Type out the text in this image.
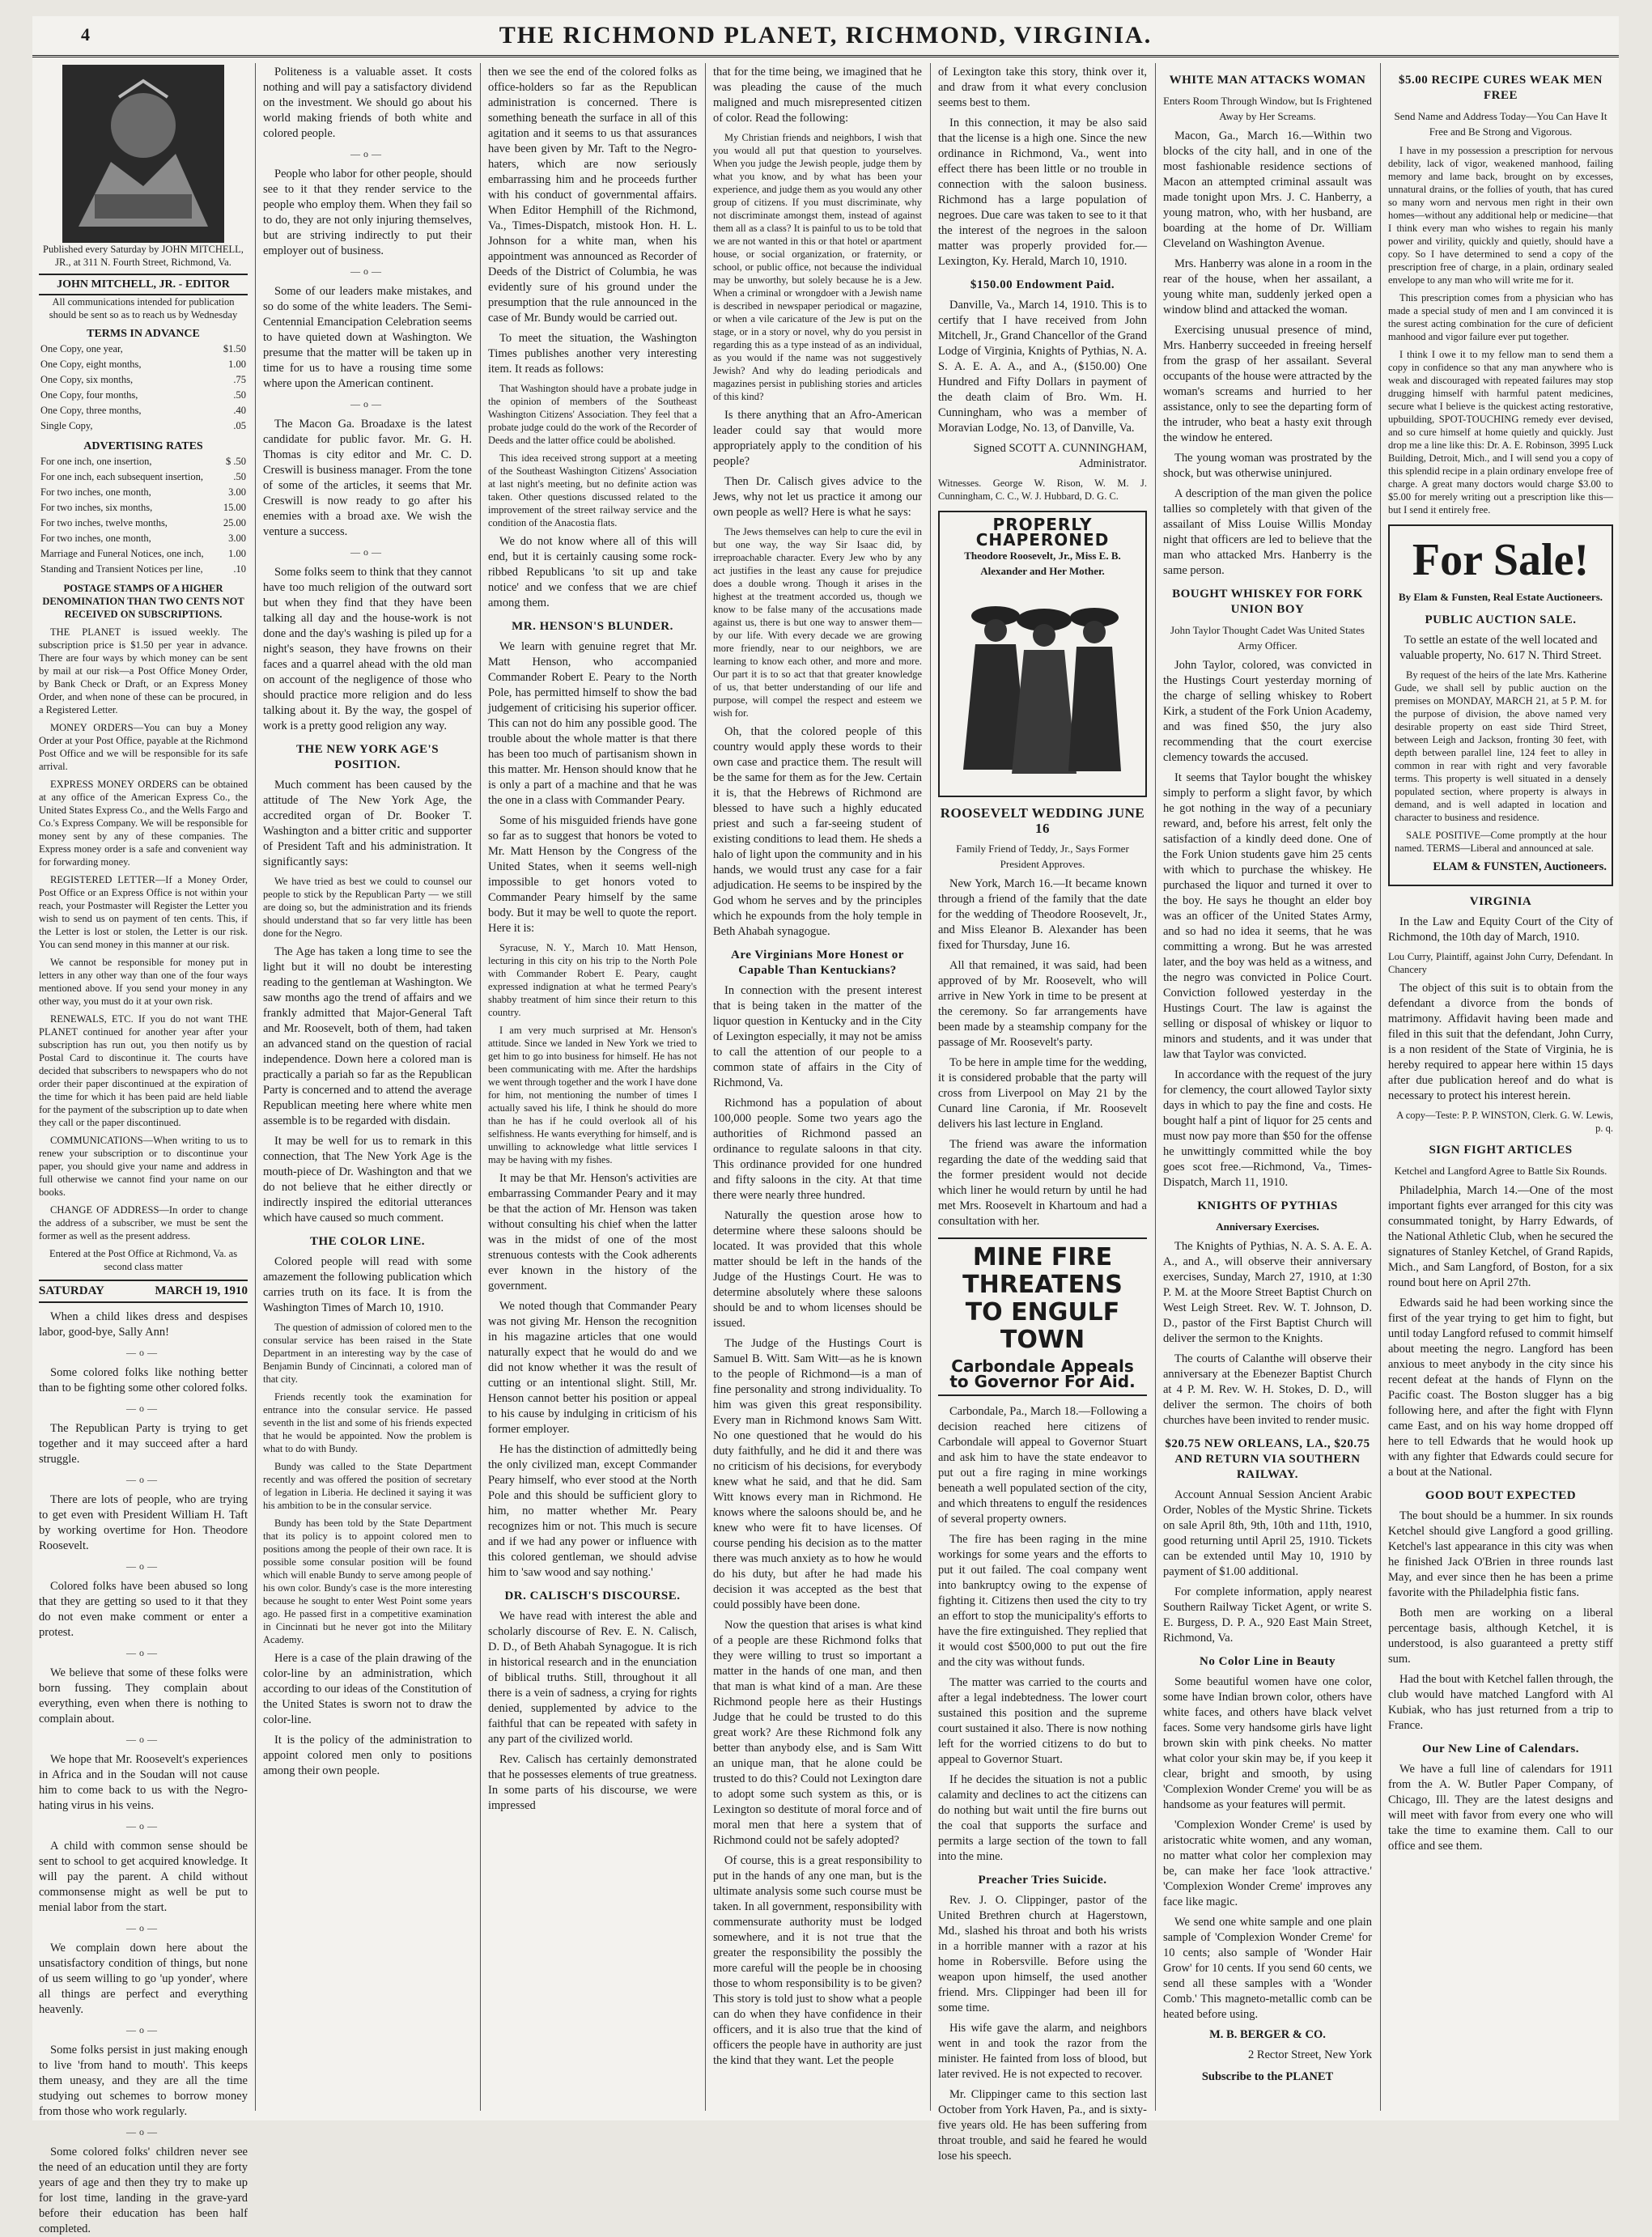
4	THE RICHMOND PLANET, RICHMOND, VIRGINIA.

Published every Saturday by JOHN MITCHELL, JR., at 311 N. Fourth Street, Richmond, Va.

JOHN MITCHELL, JR. - EDITOR

All communications intended for publication should be sent so as to reach us by Wednesday

TERMS IN ADVANCE
One Copy, one year,	$1.50
One Copy, eight months,	1.00
One Copy, six months,	.75
One Copy, four months,	.50
One Copy, three months,	.40
Single Copy,	.05
ADVERTISING RATES
For one inch, one insertion,	$ .50
For one inch, each subsequent insertion,	.50
For two inches, one month,	3.00
For two inches, six months,	15.00
For two inches, twelve months,	25.00
For two inches, one month,	3.00
Marriage and Funeral Notices, one inch,	1.00
Standing and Transient Notices per line,	.10

POSTAGE STAMPS OF A HIGHER DENOMINATION THAN TWO CENTS NOT RECEIVED ON SUBSCRIPTIONS.

THE PLANET is issued weekly. The subscription price is $1.50 per year in advance. There are four ways by which money can be sent by mail at our risk—a Post Office Money Order, by Bank Check or Draft, or an Express Money Order, and when none of these can be procured, in a Registered Letter.

MONEY ORDERS—You can buy a Money Order at your Post Office, payable at the Richmond Post Office and we will be responsible for its safe arrival.

EXPRESS MONEY ORDERS can be obtained at any office of the American Express Co., the United States Express Co., and the Wells Fargo and Co.'s Express Company. We will be responsible for money sent by any of these companies. The Express money order is a safe and convenient way for forwarding money.

REGISTERED LETTER—If a Money Order, Post Office or an Express Office is not within your reach, your Postmaster will Register the Letter you wish to send us on payment of ten cents. This, if the Letter is lost or stolen, the Letter is our risk. You can send money in this manner at our risk.

We cannot be responsible for money put in letters in any other way than one of the four ways mentioned above. If you send your money in any other way, you must do it at your own risk.

RENEWALS, ETC. If you do not want THE PLANET continued for another year after your subscription has run out, you then notify us by Postal Card to discontinue it. The courts have decided that subscribers to newspapers who do not order their paper discontinued at the expiration of the time for which it has been paid are held liable for the payment of the subscription up to date when they call or the paper discontinued.

COMMUNICATIONS—When writing to us to renew your subscription or to discontinue your paper, you should give your name and address in full otherwise we cannot find your name on our books.

CHANGE OF ADDRESS—In order to change the address of a subscriber, we must be sent the former as well as the present address.

Entered at the Post Office at Richmond, Va. as second class matter

SATURDAY	MARCH 19, 1910

When a child likes dress and despises labor, good-bye, Sally Ann!

—o—

Some colored folks like nothing better than to be fighting some other colored folks.

—o—

The Republican Party is trying to get together and it may succeed after a hard struggle.

—o—

There are lots of people, who are trying to get even with President William H. Taft by working overtime for Hon. Theodore Roosevelt.

—o—

Colored folks have been abused so long that they are getting so used to it that they do not even make comment or enter a protest.

—o—

We believe that some of these folks were born fussing. They complain about everything, even when there is nothing to complain about.

—o—

We hope that Mr. Roosevelt's experiences in Africa and in the Soudan will not cause him to come back to us with the Negro-hating virus in his veins.

—o—

A child with common sense should be sent to school to get acquired knowledge. It will pay the parent. A child without commonsense might as well be put to menial labor from the start.

—o—

We complain down here about the unsatisfactory condition of things, but none of us seem willing to go 'up yonder', where all things are perfect and everything heavenly.

—o—

Some folks persist in just making enough to live 'from hand to mouth'. This keeps them uneasy, and they are all the time studying out schemes to borrow money from those who work regularly.

—o—

Some colored folks' children never see the need of an education until they are forty years of age and then they try to make up for lost time, landing in the grave-yard before their education has been half completed.

Politeness is a valuable asset. It costs nothing and will pay a satisfactory dividend on the investment. We should go about his world making friends of both white and colored people.

—o—

People who labor for other people, should see to it that they render service to the people who employ them. When they fail so to do, they are not only injuring themselves, but are striving indirectly to put their employer out of business.

—o—

Some of our leaders make mistakes, and so do some of the white leaders. The Semi-Centennial Emancipation Celebration seems to have quieted down at Washington. We presume that the matter will be taken up in time for us to have a rousing time some where upon the American continent.

—o—

The Macon Ga. Broadaxe is the latest candidate for public favor. Mr. G. H. Thomas is city editor and Mr. C. D. Creswill is business manager. From the tone of some of the articles, it seems that Mr. Creswill is now ready to go after his enemies with a broad axe. We wish the venture a success.

—o—

Some folks seem to think that they cannot have too much religion of the outward sort but when they find that they have been talking all day and the house-work is not done and the day's washing is piled up for a night's season, they have frowns on their faces and a quarrel ahead with the old man on account of the negligence of those who should practice more religion and do less talking about it. By the way, the gospel of work is a pretty good religion any way.

THE NEW YORK AGE'S POSITION.

Much comment has been caused by the attitude of The New York Age, the accredited organ of Dr. Booker T. Washington and a bitter critic and supporter of President Taft and his administration. It significantly says:

We have tried as best we could to counsel our people to stick by the Republican Party — we still are doing so, but the administration and its friends should understand that so far very little has been done for the Negro.

The Age has taken a long time to see the light but it will no doubt be interesting reading to the gentleman at Washington. We saw months ago the trend of affairs and we frankly admitted that Major-General Taft and Mr. Roosevelt, both of them, had taken an advanced stand on the question of racial independence. Down here a colored man is practically a pariah so far as the Republican Party is concerned and to attend the average Republican meeting here where white men assemble is to be regarded with disdain.

It may be well for us to remark in this connection, that The New York Age is the mouth-piece of Dr. Washington and that we do not believe that he either directly or indirectly inspired the editorial utterances which have caused so much comment.

THE COLOR LINE.

Colored people will read with some amazement the following publication which carries truth on its face. It is from the Washington Times of March 10, 1910.

The question of admission of colored men to the consular service has been raised in the State Department in an interesting way by the case of Benjamin Bundy of Cincinnati, a colored man of that city.

Friends recently took the examination for entrance into the consular service. He passed seventh in the list and some of his friends expected that he would be appointed. Now the problem is what to do with Bundy.

Bundy was called to the State Department recently and was offered the position of secretary of legation in Liberia. He declined it saying it was his ambition to be in the consular service.

Bundy has been told by the State Department that its policy is to appoint colored men to positions among the people of their own race. It is possible some consular position will be found which will enable Bundy to serve among people of his own color. Bundy's case is the more interesting because he sought to enter West Point some years ago. He passed first in a competitive examination in Cincinnati but he never got into the Military Academy.

Here is a case of the plain drawing of the color-line by an administration, which according to our ideas of the Constitution of the United States is sworn not to draw the color-line.

It is the policy of the administration to appoint colored men only to positions among their own people.

then we see the end of the colored folks as office-holders so far as the Republican administration is concerned. There is something beneath the surface in all of this agitation and it seems to us that assurances have been given by Mr. Taft to the Negro-haters, which are now seriously embarrassing him and he proceeds further with his conduct of governmental affairs. When Editor Hemphill of the Richmond, Va., Times-Dispatch, mistook Hon. H. L. Johnson for a white man, when his appointment was announced as Recorder of Deeds of the District of Columbia, he was evidently sure of his ground under the presumption that the rule announced in the case of Mr. Bundy would be carried out.

To meet the situation, the Washington Times publishes another very interesting item. It reads as follows:

That Washington should have a probate judge in the opinion of members of the Southeast Washington Citizens' Association. They feel that a probate judge could do the work of the Recorder of Deeds and the latter office could be abolished.

This idea received strong support at a meeting of the Southeast Washington Citizens' Association at last night's meeting, but no definite action was taken. Other questions discussed related to the improvement of the street railway service and the condition of the Anacostia flats.

We do not know where all of this will end, but it is certainly causing some rock-ribbed Republicans 'to sit up and take notice' and we confess that we are chief among them.

MR. HENSON'S BLUNDER.

We learn with genuine regret that Mr. Matt Henson, who accompanied Commander Robert E. Peary to the North Pole, has permitted himself to show the bad judgement of criticising his superior officer. This can not do him any possible good. The trouble about the whole matter is that there has been too much of partisanism shown in this matter. Mr. Henson should know that he is only a part of a machine and that he was the one in a class with Commander Peary.

Some of his misguided friends have gone so far as to suggest that honors be voted to Mr. Matt Henson by the Congress of the United States, when it seems well-nigh impossible to get honors voted to Commander Peary himself by the same body. But it may be well to quote the report. Here it is:

Syracuse, N. Y., March 10. Matt Henson, lecturing in this city on his trip to the North Pole with Commander Robert E. Peary, caught expressed indignation at what he termed Peary's shabby treatment of him since their return to this country.

I am very much surprised at Mr. Henson's attitude. Since we landed in New York we tried to get him to go into business for himself. He has not been communicating with me. After the hardships we went through together and the work I have done for him, not mentioning the number of times I actually saved his life, I think he should do more than he has if he could overlook all of his selfishness. He wants everything for himself, and is unwilling to acknowledge what little services I may be having with my fishes.

It may be that Mr. Henson's activities are embarrassing Commander Peary and it may be that the action of Mr. Henson was taken without consulting his chief when the latter was in the midst of one of the most strenuous contests with the Cook adherents ever known in the history of the government.

We noted though that Commander Peary was not giving Mr. Henson the recognition in his magazine articles that one would naturally expect that he would do and we did not know whether it was the result of cutting or an intentional slight. Still, Mr. Henson cannot better his position or appeal to his cause by indulging in criticism of his former employer.

He has the distinction of admittedly being the only civilized man, except Commander Peary himself, who ever stood at the North Pole and this should be sufficient glory to him, no matter whether Mr. Peary recognizes him or not. This much is secure and if we had any power or influence with this colored gentleman, we should advise him to 'saw wood and say nothing.'

DR. CALISCH'S DISCOURSE.

We have read with interest the able and scholarly discourse of Rev. E. N. Calisch, D. D., of Beth Ahabah Synagogue. It is rich in historical research and in the enunciation of biblical truths. Still, throughout it all there is a vein of sadness, a crying for rights denied, supplemented by advice to the faithful that can be repeated with safety in any part of the civilized world.

Rev. Calisch has certainly demonstrated that he possesses elements of true greatness. In some parts of his discourse, we were impressed

that for the time being, we imagined that he was pleading the cause of the much maligned and much misrepresented citizen of color. Read the following:

My Christian friends and neighbors, I wish that you would all put that question to yourselves. When you judge the Jewish people, judge them by what you know, and by what has been your experience, and judge them as you would any other group of citizens. If you must discriminate, why not discriminate amongst them, instead of against them all as a class? It is painful to us to be told that we are not wanted in this or that hotel or apartment house, or social organization, or fraternity, or school, or public office, not because the individual may be unworthy, but solely because he is a Jew. When a criminal or wrongdoer with a Jewish name is described in newspaper periodical or magazine, or when a vile caricature of the Jew is put on the stage, or in a story or novel, why do you persist in regarding this as a type instead of as an individual, as you would if the name was not suggestively Jewish? And why do leading periodicals and magazines persist in publishing stories and articles of this kind?

Is there anything that an Afro-American leader could say that would more appropriately apply to the condition of his people?

Then Dr. Calisch gives advice to the Jews, why not let us practice it among our own people as well? Here is what he says:

The Jews themselves can help to cure the evil in but one way, the way Sir Isaac did, by irreproachable character. Every Jew who by any act justifies in the least any cause for prejudice does a double wrong. Though it arises in the highest at the treatment accorded us, though we know to be false many of the accusations made against us, there is but one way to answer them—by our life. With every decade we are growing more friendly, near to our neighbors, we are learning to know each other, and more and more. Our part it is to so act that that greater knowledge of us, that better understanding of our life and purpose, will compel the respect and esteem we wish for.

Oh, that the colored people of this country would apply these words to their own case and practice them. The result will be the same for them as for the Jew. Certain it is, that the Hebrews of Richmond are blessed to have such a highly educated priest and such a far-seeing student of existing conditions to lead them. He sheds a halo of light upon the community and in his hands, we would trust any case for a fair adjudication. He seems to be inspired by the God whom he serves and by the principles which he expounds from the holy temple in Beth Ahabah synagogue.

Are Virginians More Honest or Capable Than Kentuckians?

In connection with the present interest that is being taken in the matter of the liquor question in Kentucky and in the City of Lexington especially, it may not be amiss to call the attention of our people to a common state of affairs in the City of Richmond, Va.

Richmond has a population of about 100,000 people. Some two years ago the authorities of Richmond passed an ordinance to regulate saloons in that city. This ordinance provided for one hundred and fifty saloons in the city. At that time there were nearly three hundred.

Naturally the question arose how to determine where these saloons should be located. It was provided that this whole matter should be left in the hands of the Judge of the Hustings Court. He was to determine absolutely where these saloons should be and to whom licenses should be issued.

The Judge of the Hustings Court is Samuel B. Witt. Sam Witt—as he is known to the people of Richmond—is a man of fine personality and strong individuality. To him was given this great responsibility. Every man in Richmond knows Sam Witt. No one questioned that he would do his duty faithfully, and he did it and there was no criticism of his decisions, for everybody knew what he said, and that he did. Sam Witt knows every man in Richmond. He knows where the saloons should be, and he knew who were fit to have licenses. Of course pending his decision as to the matter there was much anxiety as to how he would do his duty, but after he had made his decision it was accepted as the best that could possibly have been done.

Now the question that arises is what kind of a people are these Richmond folks that they were willing to trust so important a matter in the hands of one man, and then that man is what kind of a man. Are these Richmond people here as their Hustings Judge that he could be trusted to do this great work? Are these Richmond folk any better than anybody else, and is Sam Witt an unique man, that he alone could be trusted to do this? Could not Lexington dare to adopt some such system as this, or is Lexington so destitute of moral force and of moral men that here a system that of Richmond could not be safely adopted?

Of course, this is a great responsibility to put in the hands of any one man, but is the ultimate analysis some such course must be taken. In all government, responsibility with commensurate authority must be lodged somewhere, and it is not true that the greater the responsibility the possibly the more careful will the people be in choosing those to whom responsibility is to be given? This story is told just to show what a people can do when they have confidence in their officers, and it is also true that the kind of officers the people have in authority are just the kind that they want. Let the people

of Lexington take this story, think over it, and draw from it what every conclusion seems best to them.

In this connection, it may be also said that the license is a high one. Since the new ordinance in Richmond, Va., went into effect there has been little or no trouble in connection with the saloon business. Richmond has a large population of negroes. Due care was taken to see to it that the interest of the negroes in the saloon matter was properly provided for.—Lexington, Ky. Herald, March 10, 1910.

$150.00 Endowment Paid.

Danville, Va., March 14, 1910. This is to certify that I have received from John Mitchell, Jr., Grand Chancellor of the Grand Lodge of Virginia, Knights of Pythias, N. A. S. A. E. A. A., and A., ($150.00) One Hundred and Fifty Dollars in payment of the death claim of Bro. Wm. H. Cunningham, who was a member of Moravian Lodge, No. 13, of Danville, Va.

Signed SCOTT A. CUNNINGHAM, Administrator.

Witnesses. George W. Rison, W. M. J. Cunningham, C. C., W. J. Hubbard, D. G. C.

PROPERLY CHAPERONED
Theodore Roosevelt, Jr., Miss E. B. Alexander and Her Mother.
ROOSEVELT WEDDING JUNE 16
Family Friend of Teddy, Jr., Says Former President Approves.

New York, March 16.—It became known through a friend of the family that the date for the wedding of Theodore Roosevelt, Jr., and Miss Eleanor B. Alexander has been fixed for Thursday, June 16.

All that remained, it was said, had been approved of by Mr. Roosevelt, who will arrive in New York in time to be present at the ceremony. So far arrangements have been made by a steamship company for the passage of Mr. Roosevelt's party.

To be here in ample time for the wedding, it is considered probable that the party will cross from Liverpool on May 21 by the Cunard line Caronia, if Mr. Roosevelt delivers his last lecture in England.

The friend was aware the information regarding the date of the wedding said that the former president would not decide which liner he would return by until he had met Mrs. Roosevelt in Khartoum and had a consultation with her.

MINE FIRE THREATENS
TO ENGULF TOWN
Carbondale Appeals to Governor For Aid.

Carbondale, Pa., March 18.—Following a decision reached here citizens of Carbondale will appeal to Governor Stuart and ask him to have the state endeavor to put out a fire raging in mine workings beneath a well populated section of the city, and which threatens to engulf the residences of several property owners.

The fire has been raging in the mine workings for some years and the efforts to put it out failed. The coal company went into bankruptcy owing to the expense of fighting it. Citizens then used the city to try an effort to stop the municipality's efforts to have the fire extinguished. They replied that it would cost $500,000 to put out the fire and the city was without funds.

The matter was carried to the courts and after a legal indebtedness. The lower court sustained this position and the supreme court sustained it also. There is now nothing left for the worried citizens to do but to appeal to Governor Stuart.

If he decides the situation is not a public calamity and declines to act the citizens can do nothing but wait until the fire burns out the coal that supports the surface and permits a large section of the town to fall into the mine.

Preacher Tries Suicide.

Rev. J. O. Clippinger, pastor of the United Brethren church at Hagerstown, Md., slashed his throat and both his wrists in a horrible manner with a razor at his home in Robersville. Before using the weapon upon himself, the used another friend. Mrs. Clippinger had been ill for some time.

His wife gave the alarm, and neighbors went in and took the razor from the minister. He fainted from loss of blood, but later revived. He is not expected to recover.

Mr. Clippinger came to this section last October from York Haven, Pa., and is sixty-five years old. He has been suffering from throat trouble, and said he feared he would lose his speech.

WHITE MAN ATTACKS WOMAN
Enters Room Through Window, but Is Frightened Away by Her Screams.

Macon, Ga., March 16.—Within two blocks of the city hall, and in one of the most fashionable residence sections of Macon an attempted criminal assault was made tonight upon Mrs. J. C. Hanberry, a young matron, who, with her husband, are boarding at the home of Dr. William Cleveland on Washington Avenue.

Mrs. Hanberry was alone in a room in the rear of the house, when her assailant, a young white man, suddenly jerked open a window blind and attacked the woman.

Exercising unusual presence of mind, Mrs. Hanberry succeeded in freeing herself from the grasp of her assailant. Several occupants of the house were attracted by the woman's screams and hurried to her assistance, only to see the departing form of the intruder, who beat a hasty exit through the window he entered.

The young woman was prostrated by the shock, but was otherwise uninjured.

A description of the man given the police tallies so completely with that given of the assailant of Miss Louise Willis Monday night that officers are led to believe that the man who attacked Mrs. Hanberry is the same person.

BOUGHT WHISKEY FOR FORK UNION BOY
John Taylor Thought Cadet Was United States Army Officer.

John Taylor, colored, was convicted in the Hustings Court yesterday morning of the charge of selling whiskey to Robert Kirk, a student of the Fork Union Academy, and was fined $50, the jury also recommending that the court exercise clemency towards the accused.

It seems that Taylor bought the whiskey simply to perform a slight favor, by which he got nothing in the way of a pecuniary reward, and, before his arrest, felt only the satisfaction of a kindly deed done. One of the Fork Union students gave him 25 cents with which to purchase the whiskey. He purchased the liquor and turned it over to the boy. He says he thought an elder boy was an officer of the United States Army, and so had no idea it seems, that he was committing a wrong. But he was arrested later, and the boy was held as a witness, and the negro was convicted in Police Court. Conviction followed yesterday in the Hustings Court. The law is against the selling or disposal of whiskey or liquor to minors and students, and it was under that law that Taylor was convicted.

In accordance with the request of the jury for clemency, the court allowed Taylor sixty days in which to pay the fine and costs. He bought half a pint of liquor for 25 cents and must now pay more than $50 for the offense he unwittingly committed while the boy goes scot free.—Richmond, Va., Times-Dispatch, March 11, 1910.

KNIGHTS OF PYTHIAS
Anniversary Exercises.

The Knights of Pythias, N. A. S. A. E. A. A., and A., will observe their anniversary exercises, Sunday, March 27, 1910, at 1:30 P. M. at the Moore Street Baptist Church on West Leigh Street. Rev. W. T. Johnson, D. D., pastor of the First Baptist Church will deliver the sermon to the Knights.

The courts of Calanthe will observe their anniversary at the Ebenezer Baptist Church at 4 P. M. Rev. W. H. Stokes, D. D., will deliver the sermon. The choirs of both churches have been invited to render music.

$20.75 NEW ORLEANS, LA., $20.75 AND RETURN VIA SOUTHERN RAILWAY.

Account Annual Session Ancient Arabic Order, Nobles of the Mystic Shrine. Tickets on sale April 8th, 9th, 10th and 11th, 1910, good returning until April 25, 1910. Tickets can be extended until May 10, 1910 by payment of $1.00 additional.

For complete information, apply nearest Southern Railway Ticket Agent, or write S. E. Burgess, D. P. A., 920 East Main Street, Richmond, Va.

No Color Line in Beauty

Some beautiful women have one color, some have Indian brown color, others have white faces, and others have black velvet faces. Some very handsome girls have light brown skin with pink cheeks. No matter what color your skin may be, if you keep it clear, bright and smooth, by using 'Complexion Wonder Creme' you will be as handsome as your features will permit.

'Complexion Wonder Creme' is used by aristocratic white women, and any woman, no matter what color her complexion may be, can make her face 'look attractive.' 'Complexion Wonder Creme' improves any face like magic.

We send one white sample and one plain sample of 'Complexion Wonder Creme' for 10 cents; also sample of 'Wonder Hair Grow' for 10 cents. If you send 60 cents, we send all these samples with a 'Wonder Comb.' This magneto-metallic comb can be heated before using.

M. B. BERGER & CO.

2 Rector Street, New York

Subscribe to the PLANET

$5.00 RECIPE CURES WEAK MEN FREE
Send Name and Address Today—You Can Have It Free and Be Strong and Vigorous.

I have in my possession a prescription for nervous debility, lack of vigor, weakened manhood, failing memory and lame back, brought on by excesses, unnatural drains, or the follies of youth, that has cured so many worn and nervous men right in their own homes—without any additional help or medicine—that I think every man who wishes to regain his manly power and virility, quickly and quietly, should have a copy. So I have determined to send a copy of the prescription free of charge, in a plain, ordinary sealed envelope to any man who will write me for it.

This prescription comes from a physician who has made a special study of men and I am convinced it is the surest acting combination for the cure of deficient manhood and vigor failure ever put together.

I think I owe it to my fellow man to send them a copy in confidence so that any man anywhere who is weak and discouraged with repeated failures may stop drugging himself with harmful patent medicines, secure what I believe is the quickest acting restorative, upbuilding, SPOT-TOUCHING remedy ever devised, and so cure himself at home quietly and quickly. Just drop me a line like this: Dr. A. E. Robinson, 3995 Luck Building, Detroit, Mich., and I will send you a copy of this splendid recipe in a plain ordinary envelope free of charge. A great many doctors would charge $3.00 to $5.00 for merely writing out a prescription like this—but I send it entirely free.

For Sale!
By Elam & Funsten, Real Estate Auctioneers.
PUBLIC AUCTION SALE.

To settle an estate of the well located and valuable property, No. 617 N. Third Street.

By request of the heirs of the late Mrs. Katherine Gude, we shall sell by public auction on the premises on MONDAY, MARCH 21, at 5 P. M. for the purpose of division, the above named very desirable property on east side Third Street, between Leigh and Jackson, fronting 30 feet, with depth between parallel line, 124 feet to alley in common in rear with right and very favorable terms. This property is well situated in a densely populated section, where property is always in demand, and is well adapted in location and character to business and residence.

SALE POSITIVE—Come promptly at the hour named. TERMS—Liberal and announced at sale.

ELAM & FUNSTEN, Auctioneers.

VIRGINIA

In the Law and Equity Court of the City of Richmond, the 10th day of March, 1910.

Lou Curry, Plaintiff, against John Curry, Defendant. In Chancery

The object of this suit is to obtain from the defendant a divorce from the bonds of matrimony. Affidavit having been made and filed in this suit that the defendant, John Curry, is a non resident of the State of Virginia, he is hereby required to appear here within 15 days after due publication hereof and do what is necessary to protect his interest herein.

A copy—Teste: P. P. WINSTON, Clerk. G. W. Lewis, p. q.

SIGN FIGHT ARTICLES
Ketchel and Langford Agree to Battle Six Rounds.

Philadelphia, March 14.—One of the most important fights ever arranged for this city was consummated tonight, by Harry Edwards, of the National Athletic Club, when he secured the signatures of Stanley Ketchel, of Grand Rapids, Mich., and Sam Langford, of Boston, for a six round bout here on April 27th.

Edwards said he had been working since the first of the year trying to get him to fight, but until today Langford refused to commit himself about meeting the negro. Langford has been anxious to meet anybody in the city since his recent defeat at the hands of Flynn on the Pacific coast. The Boston slugger has a big following here, and after the fight with Flynn came East, and on his way home dropped off here to tell Edwards that he would hook up with any fighter that Edwards could secure for a bout at the National.

GOOD BOUT EXPECTED

The bout should be a hummer. In six rounds Ketchel should give Langford a good grilling. Ketchel's last appearance in this city was when he finished Jack O'Brien in three rounds last May, and ever since then he has been a prime favorite with the Philadelphia fistic fans.

Both men are working on a liberal percentage basis, although Ketchel, it is understood, is also guaranteed a pretty stiff sum.

Had the bout with Ketchel fallen through, the club would have matched Langford with Al Kubiak, who has just returned from a trip to France.

Our New Line of Calendars.

We have a full line of calendars for 1911 from the A. W. Butler Paper Company, of Chicago, Ill. They are the latest designs and will meet with favor from every one who will take the time to examine them. Call to our office and see them.
